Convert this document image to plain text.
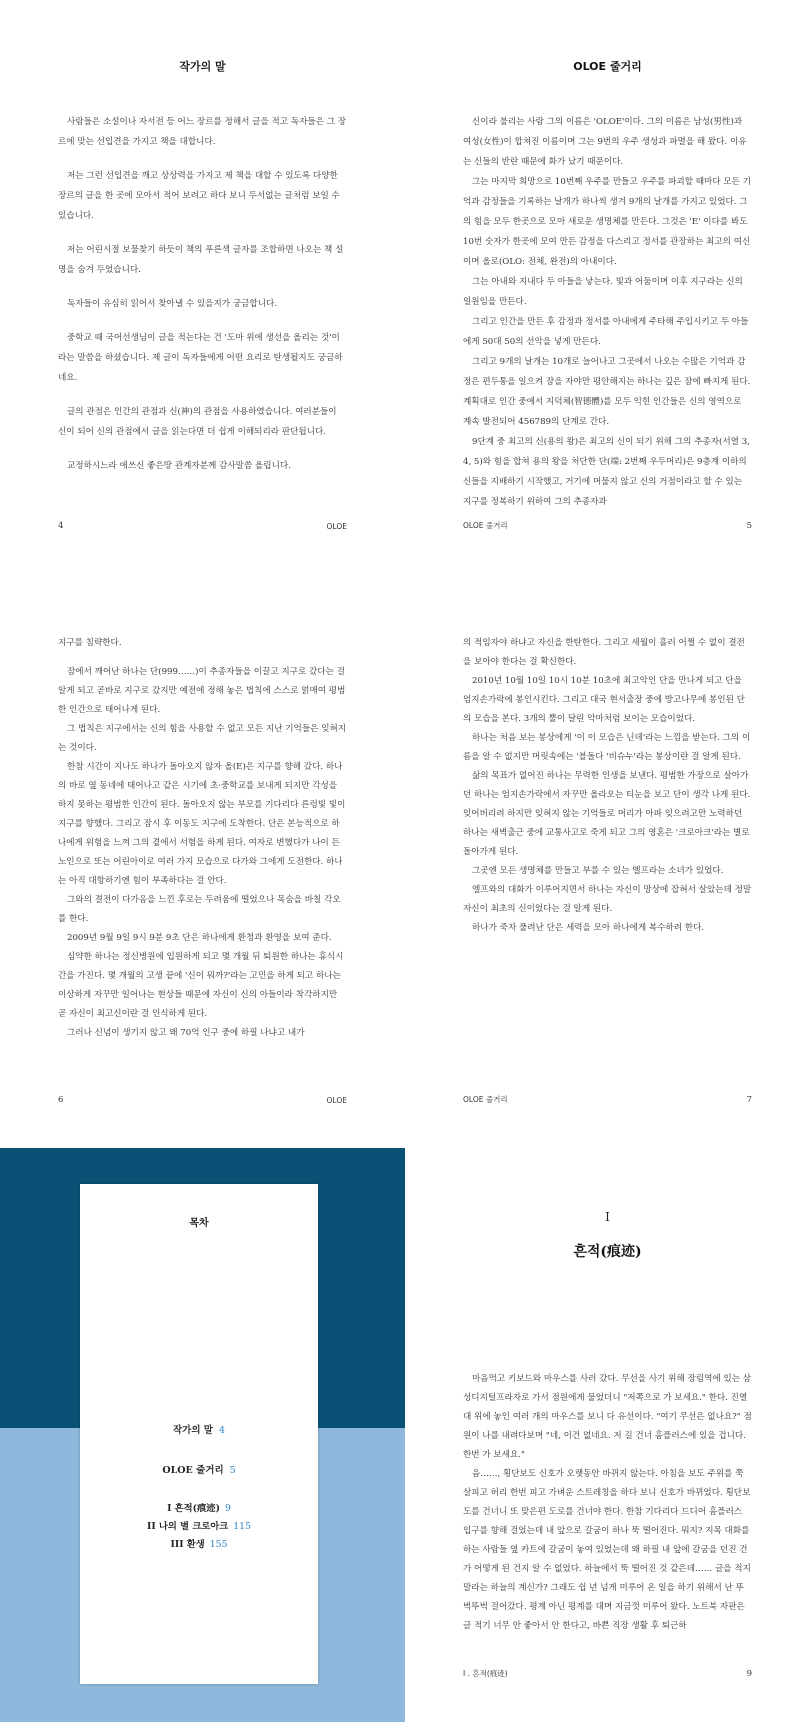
작가의 말

사람들은 소설이나 자서전 등 어느 장르를 정해서 글을 적고 독자들은 그 장르에 맞는 선입견을 가지고 책을 대합니다.

저는 그런 선입견을 깨고 상상력을 가지고 제 책을 대할 수 있도록 다양한 장르의 글을 한 곳에 모아서 적어 보려고 하다 보니 두서없는 글처럼 보일 수 있습니다.

저는 어린시절 보물찾기 하듯이 책의 푸른색 글자를 조합하면 나오는 책 설명을 숨겨 두었습니다.

독자들이 유심히 읽어서 찾아낼 수 있을지가 궁금합니다.

중학교 때 국어선생님이 글을 적는다는 건 '도마 위에 생선을 올리는 것'이라는 말씀을 하셨습니다. 제 글이 독자들에게 어떤 요리로 탄생될지도 궁금하네요.

글의 관점은 인간의 관점과 신(神)의 관점을 사용하였습니다. 여러분들이 신이 되어 신의 관점에서 글을 읽는다면 더 쉽게 이해되리라 판단됩니다.

교정하시느라 애쓰신 좋은땅 관계자분께 감사말씀 올립니다.

4	OLOE
OLOE 줄거리

신이라 불리는 사람 그의 이름은 'OLOE'이다. 그의 이름은 남성(男性)과 여성(女性)이 합쳐진 이름이며 그는 9번의 우주 생성과 파멸을 해 왔다. 이유는 신들의 반란 때문에 화가 났기 때문이다.

그는 마지막 희망으로 10번째 우주를 만들고 우주를 파괴할 때마다 모든 기억과 감정들을 기록하는 날개가 하나씩 생겨 9개의 날개를 가지고 있었다. 그의 힘을 모두 한곳으로 모아 새로운 생명체를 만든다. 그것은 'E' 이다를 봐도 10번 숫자가 한곳에 모여 만든 감정을 다스리고 정서를 관장하는 최고의 여신이며 올로(OLO: 전체, 완전)의 아내이다.

그는 아내와 지내다 두 아들을 낳는다. 빛과 어둠이며 이후 지구라는 신의 일원임을 만든다.

그리고 인간을 만든 후 감정과 정서를 아내에게 주타해 주입시키고 두 아들에게 50대 50의 선악을 넣게 만든다.

그리고 9개의 날개는 10개로 늘어나고 그곳에서 나오는 수많은 기억과 감정은 편두통을 일으켜 잠을 자야만 평안해지는 하나는 깊은 잠에 빠지게 된다. 계획대로 인간 중에서 지덕체(智德體)를 모두 익힌 인간들은 신의 영역으로 계속 발전되어 456789의 단계로 간다.

9단계 중 최고의 신(용의 왕)은 최고의 신이 되기 위해 그의 추종자(서열 3, 4, 5)와 힘을 합쳐 용의 왕을 처단한 단(端: 2번째 우두머리)은 9층계 이하의 신들을 지배하기 시작했고, 거기에 머물지 않고 신의 거점이라고 할 수 있는 지구를 정복하기 위하여 그의 추종자과

OLOE 줄거리	5

지구를 침략한다.

잠에서 깨어난 하나는 단(999……)이 추종자들을 이끌고 지구로 갔다는 걸 알게 되고 곧바로 지구로 갔지만 예전에 정해 놓은 법칙에 스스로 얽매여 평범한 인간으로 태어나게 된다.

그 법칙은 지구에서는 신의 힘을 사용할 수 없고 모든 지난 기억들은 잊혀지는 것이다.

한참 시간이 지나도 하나가 돌아오지 않자 올(E)은 지구를 향해 갔다. 하나의 바로 옆 동네에 태어나고 같은 시기에 초·중학교를 보내게 되지만 각성을 하지 못하는 평범한 인간이 된다. 돌아오지 않는 부모를 기다리다 른렁빛 빛이 지구를 향했다. 그리고 잠시 후 이동도 지구에 도착한다. 단은 본능적으로 하나에게 위험을 느껴 그의 곁에서 서험을 하게 된다. 여자로 변했다가 나이 든 노인으로 또는 어린아이로 여러 가지 모습으로 다가와 그에게 도전한다. 하나는 아직 대항하기엔 힘이 부족하다는 걸 안다.

그와의 결전이 다가옴을 느낀 후로는 두려움에 떨었으나 목숨을 바칠 각오를 한다.

2009년 9월 9일 9시 9분 9초 단은 하나에게 환청과 환영을 보여 준다.

심약한 하나는 정신병원에 입원하게 되고 몇 개월 뒤 퇴원한 하나는 휴식시간을 가진다. 몇 개월의 고생 끝에 '신이 뭐까?'라는 고민을 하게 되고 하나는 이상하게 자꾸만 일어나는 현상들 때문에 자신이 신의 아들이라 착각하지만 곧 자신이 최고신이란 걸 인식하게 된다.

그러나 신념이 생기지 않고 왜 70억 인구 중에 하필 나냐고 내가

6	OLOE

의 적임자야 하냐고 자신을 한탄한다. 그리고 세월이 흘러 어쩔 수 없이 결전을 보아야 한다는 걸 확신한다.

2010년 10월 10일 10시 10분 10초에 최고악인 단을 만나게 되고 단을 엄지손가락에 봉인시킨다. 그리고 대국 현서출장 중에 방고나무에 봉인된 단의 모습을 본다. 3개의 뿔이 달린 악마처럼 보이는 모습이었다.

하나는 처음 보는 봉상에게 '이 이 모습은 닌데'라는 느낌을 받는다. 그의 이름을 알 수 없지만 머릿속에는 '블돌다 '비슈누'라는 봉상이란 걸 알게 된다.

삶의 목표가 없어진 하나는 무력한 인생을 보낸다. 평범한 가장으로 살아가던 하나는 엄지손가락에서 자꾸만 올라오는 티눈을 보고 단이 생각 나게 된다. 잊어버리려 하지만 잊혀지 않는 기억들로 머리가 아파 잊으려고만 노력하던 하나는 새벽출근 중에 교통사고로 죽게 되고 그의 영혼은 '크로아크'라는 별로 돌아가게 된다.

그곳엔 모든 생명체를 만들고 부를 수 있는 엘프라는 소녀가 있었다.

엘프와의 대화가 이루어지면서 하나는 자신이 망상에 잡혀서 살았는데 정말 자신이 최초의 신이었다는 걸 알게 된다.

하나가 죽자 풀려난 단은 세력을 모아 하나에게 복수하려 한다.

OLOE 줄거리	7
목차
작가의 말 4
OLOE 줄거리 5
I 흔적(痕迹) 9
II 나의 별 크로아크 115
III 환생 155
I
흔적(痕迹)

마음먹고 키보드와 마우스를 사러 갔다. 무선을 사기 위해 장림역에 있는 삼성디지털프라자로 가서 점원에게 물었더니 "저쪽으로 가 보세요." 한다. 진열대 위에 놓인 여러 개의 마우스를 보니 다 유선이다. "여기 무선은 없나요?" 점원이 나를 내려다보며 "네, 이건 없네요. 저 길 건너 홈플러스에 있을 겁니다. 한번 가 보세요."

음……, 횡단보도 신호가 오랫동안 바뀌지 않는다. 아침을 보도 주위를 쭉 살피고 허리 한번 피고 가벼운 스트레칭을 하다 보니 신호가 바뀌었다. 횡단보도를 건너니 또 맞은편 도로를 건너야 한다. 한참 기다리다 드디어 홈플러스 입구를 향해 걸었는데 내 앞으로 갈굼이 하나 뚝 떨어진다. 뭐지? 지목 대화를 하는 사람들 옆 카트에 갈굼이 놓여 있었는데 왜 하필 내 앞에 갈굼을 던진 건가 어떻게 된 건지 알 수 없었다. 하늘에서 뚝 떨어진 것 같은데…… 글을 적지 말라는 하늘의 계신가? 그래도 쉽 년 넘게 미루어 온 일을 하기 위해서 난 뚜벅뚜벅 걸어갔다. 평계 아닌 평계를 대며 지금껏 미루어 왔다. 노트북 자판은 글 적기 너무 안 좋아서 안 한다고, 바쁜 직장 생활 후 퇴근하

I . 흔적(痕迹)	9
